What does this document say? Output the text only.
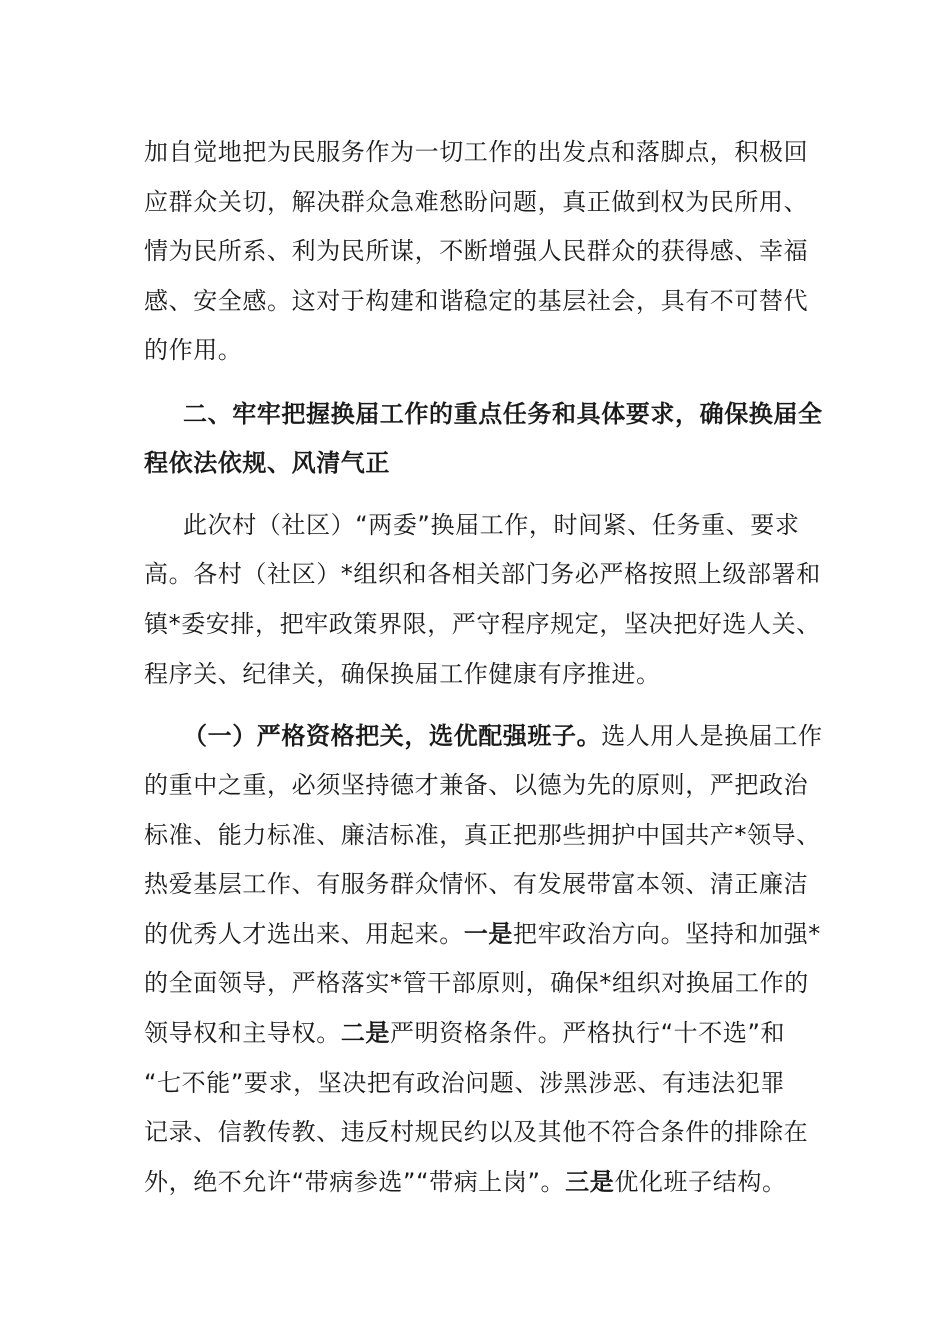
加自觉地把为民服务作为一切工作的出发点和落脚点，积极回
应群众关切，解决群众急难愁盼问题，真正做到权为民所用、
情为民所系、利为民所谋，不断增强人民群众的获得感、幸福
感、安全感。这对于构建和谐稳定的基层社会，具有不可替代
的作用。
二、牢牢把握换届工作的重点任务和具体要求，确保换届全
程依法依规、风清气正
此次村（社区）“两委”换届工作，时间紧、任务重、要求
高。各村（社区）*组织和各相关部门务必严格按照上级部署和
镇*委安排，把牢政策界限，严守程序规定，坚决把好选人关、
程序关、纪律关，确保换届工作健康有序推进。
（一）严格资格把关，选优配强班子。选人用人是换届工作
的重中之重，必须坚持德才兼备、以德为先的原则，严把政治
标准、能力标准、廉洁标准，真正把那些拥护中国共产*领导、
热爱基层工作、有服务群众情怀、有发展带富本领、清正廉洁
的优秀人才选出来、用起来。一是把牢政治方向。坚持和加强*
的全面领导，严格落实*管干部原则，确保*组织对换届工作的
领导权和主导权。二是严明资格条件。严格执行“十不选”和
“七不能”要求，坚决把有政治问题、涉黑涉恶、有违法犯罪
记录、信教传教、违反村规民约以及其他不符合条件的排除在
外，绝不允许“带病参选”“带病上岗”。三是优化班子结构。
